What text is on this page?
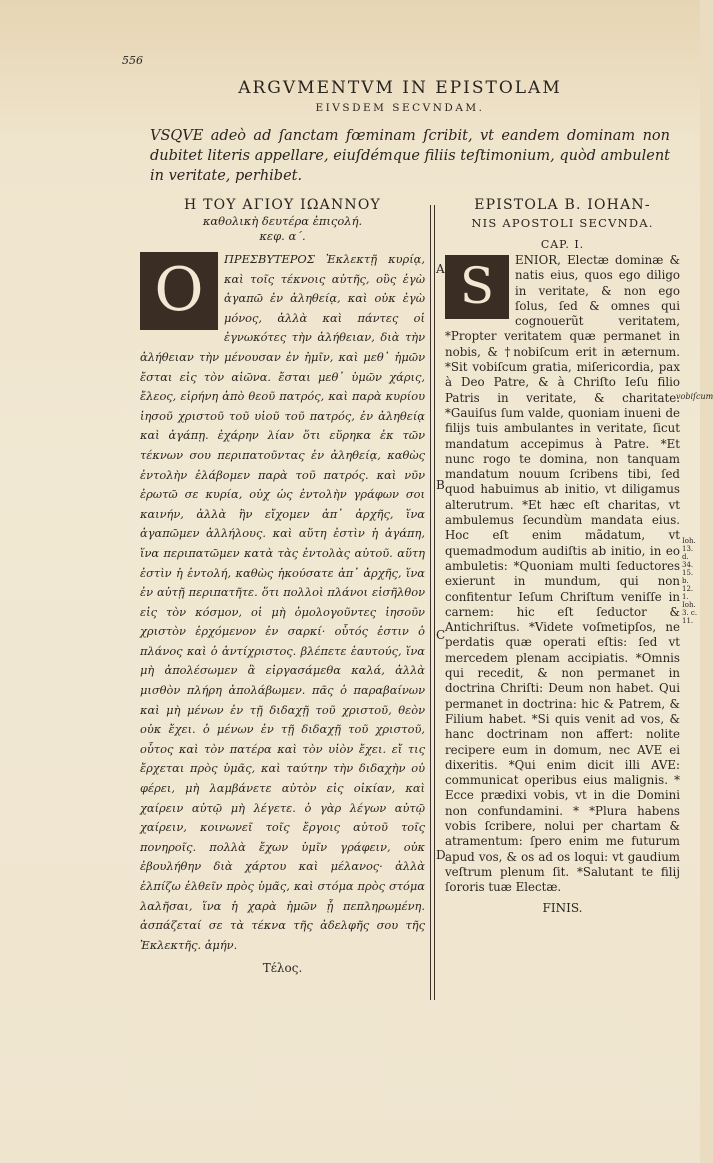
556
ARGVMENTVM IN EPISTOLAM
EIVSDEM SECVNDAM.
VSQVE adeò ad ſanctam fœminam ſcribit, vt eandem dominam non dubitet literis appellare, eiuſdémque filiis teſtimonium, quòd ambulent in veritate, perhibet.
Η ΤΟΥ ΑΓΙΟΥ ΙΩΑΝΝΟΥ
καθολικὴ δευτέρα ἐπιςολή.
κεφ. α΄.
Ο	ΠΡΕΣΒΥΤΕΡΟΣ Ἐκλεκτῇ κυρίᾳ, καὶ τοῖς τέκνοις αὐτῆς, οὓς ἐγὼ ἀγαπῶ ἐν ἀληθείᾳ, καὶ οὐκ ἐγὼ μόνος, ἀλλὰ καὶ πάντες οἱ ἐγνωκότες τὴν ἀλήθειαν, διὰ τὴν ἀλήθειαν τὴν μένουσαν ἐν ἡμῖν, καὶ μεθ᾿ ἡμῶν ἔσται εἰς τὸν αἰῶνα. ἔσται μεθ᾿ ὑμῶν χάρις, ἔλεος, εἰρήνη ἀπὸ θεοῦ πατρός, καὶ παρὰ κυρίου ἰησοῦ χριστοῦ τοῦ υἱοῦ τοῦ πατρός, ἐν ἀληθείᾳ καὶ ἀγάπῃ. ἐχάρην λίαν ὅτι εὕρηκα ἐκ τῶν τέκνων σου περιπατοῦντας ἐν ἀληθείᾳ, καθὼς ἐντολὴν ἐλάβομεν παρὰ τοῦ πατρός. καὶ νῦν ἐρωτῶ σε κυρία, οὐχ ὡς ἐντολὴν γράφων σοι καινήν, ἀλλὰ ἣν εἴχομεν ἀπ᾿ ἀρχῆς, ἵνα ἀγαπῶμεν ἀλλήλους. καὶ αὕτη ἐστὶν ἡ ἀγάπη, ἵνα περιπατῶμεν κατὰ τὰς ἐντολὰς αὐτοῦ. αὕτη ἐστὶν ἡ ἐντολή, καθὼς ἠκούσατε ἀπ᾿ ἀρχῆς, ἵνα ἐν αὐτῇ περιπατῆτε. ὅτι πολλοὶ πλάνοι εἰσῆλθον εἰς τὸν κόσμον, οἱ μὴ ὁμολογοῦντες ἰησοῦν χριστὸν ἐρχόμενον ἐν σαρκί· οὗτός ἐστιν ὁ πλάνος καὶ ὁ ἀντίχριστος. βλέπετε ἑαυτούς, ἵνα μὴ ἀπολέσωμεν ἃ εἰργασάμεθα καλά, ἀλλὰ μισθὸν πλήρη ἀπολάβωμεν. πᾶς ὁ παραβαίνων καὶ μὴ μένων ἐν τῇ διδαχῇ τοῦ χριστοῦ, θεὸν οὐκ ἔχει. ὁ μένων ἐν τῇ διδαχῇ τοῦ χριστοῦ, οὗτος καὶ τὸν πατέρα καὶ τὸν υἱὸν ἔχει. εἴ τις ἔρχεται πρὸς ὑμᾶς, καὶ ταύτην τὴν διδαχὴν οὐ φέρει, μὴ λαμβάνετε αὐτὸν εἰς οἰκίαν, καὶ χαίρειν αὐτῷ μὴ λέγετε. ὁ γὰρ λέγων αὐτῷ χαίρειν, κοινωνεῖ τοῖς ἔργοις αὐτοῦ τοῖς πονηροῖς. πολλὰ ἔχων ὑμῖν γράφειν, οὐκ ἐβουλήθην διὰ χάρτου καὶ μέλανος· ἀλλὰ ἐλπίζω ἐλθεῖν πρὸς ὑμᾶς, καὶ στόμα πρὸς στόμα λαλῆσαι, ἵνα ἡ χαρὰ ἡμῶν ᾖ πεπληρωμένη. ἀσπάζεταί σε τὰ τέκνα τῆς ἀδελφῆς σου τῆς Ἐκλεκτῆς. ἀμήν.
Τέλος.
EPISTOLA B. IOHAN-
NIS APOSTOLI SECVNDA.
CAP. I.
S	ENIOR, Electæ dominæ & natis eius, quos ego diligo in veritate, & non ego ſolus, ſed & omnes qui cognouerũt veritatem, *Propter veritatem quæ permanet in nobis, & †nobiſcum erit in æternum. *Sit vobiſcum gratia, miſericordia, pax à Deo Patre, & à Chriſto Ieſu filio Patris in veritate, & charitate. *Gauiſus ſum valde, quoniam inueni de filijs tuis ambulantes in veritate, ſicut mandatum accepimus à Patre. *Et nunc rogo te domina, non tanquam mandatum nouum ſcribens tibi, ſed quod habuimus ab initio, vt diligamus alterutrum. *Et hæc eſt charitas, vt ambulemus ſecundùm mandata eius. Hoc eſt enim mãdatum, vt quemadmodum audiſtis ab initio, in eo ambuletis: *Quoniam multi ſeductores exierunt in mundum, qui non confitentur Ieſum Chriſtum veniſſe in carnem: hic eſt ſeductor & Antichriſtus. *Videte voſmetipſos, ne perdatis quæ operati eſtis: ſed vt mercedem plenam accipiatis. *Omnis qui recedit, & non permanet in doctrina Chriſti: Deum non habet. Qui permanet in doctrina: hic & Patrem, & Filium habet. *Si quis venit ad vos, & hanc doctrinam non affert: nolite recipere eum in domum, nec AVE ei dixeritis. *Qui enim dicit illi AVE: communicat operibus eius malignis. * Ecce prædixi vobis, vt in die Domini non confundamini. * *Plura habens vobis ſcribere, nolui per chartam & atramentum: ſpero enim me futurum apud vos, & os ad os loqui: vt gaudium veſtrum plenum ſit. *Salutant te filij ſororis tuæ Electæ.
FINIS.
A
B
C
D
vobiſcum
Ioh. 13. d. 34. 15. b. 12. 1. Ioh. 3. c. 11.
